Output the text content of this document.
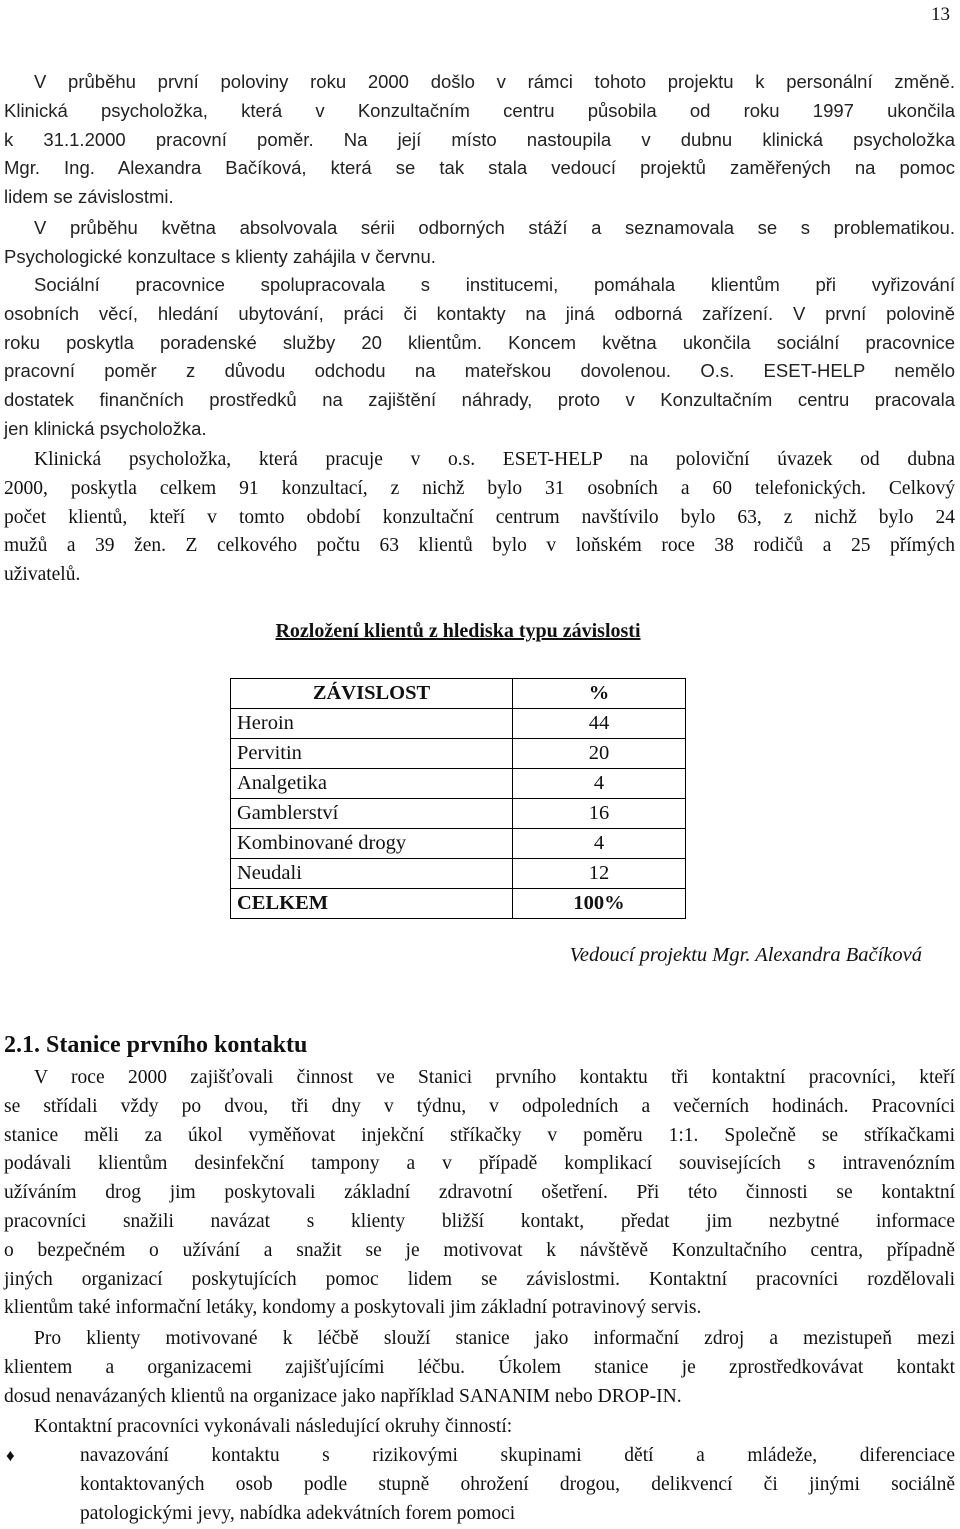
13
V průběhu první poloviny roku 2000 došlo v rámci tohoto projektu k personální změně.
Klinická psycholožka, která v Konzultačním centru působila od roku 1997 ukončila
k 31.1.2000 pracovní poměr. Na její místo nastoupila v dubnu klinická psycholožka
Mgr. Ing. Alexandra Bačíková, která se tak stala vedoucí projektů zaměřených na pomoc
lidem se závislostmi.
V průběhu května absolvovala sérii odborných stáží a seznamovala se s problematikou.
Psychologické konzultace s klienty zahájila v červnu.
Sociální pracovnice spolupracovala s institucemi, pomáhala klientům při vyřizování
osobních věcí, hledání ubytování, práci či kontakty na jiná odborná zařízení. V první polovině
roku poskytla poradenské služby 20 klientům. Koncem května ukončila sociální pracovnice
pracovní poměr z důvodu odchodu na mateřskou dovolenou. O.s. ESET-HELP nemělo
dostatek finančních prostředků na zajištění náhrady, proto v Konzultačním centru pracovala
jen klinická psycholožka.
Klinická psycholožka, která pracuje v o.s. ESET-HELP na poloviční úvazek od dubna
2000, poskytla celkem 91 konzultací, z nichž bylo 31 osobních a 60 telefonických. Celkový
počet klientů, kteří v tomto období konzultační centrum navštívilo bylo 63, z nichž bylo 24
mužů a 39 žen. Z celkového počtu 63 klientů bylo v loňském roce 38 rodičů a 25 přímých
uživatelů.
Rozložení klientů z hlediska typu závislosti
ZÁVISLOST	%
Heroin	44
Pervitin	20
Analgetika	4
Gamblerství	16
Kombinované drogy	4
Neudali	12
CELKEM	100%
Vedoucí projektu Mgr. Alexandra Bačíková
2.1. Stanice prvního kontaktu
V roce 2000 zajišťovali činnost ve Stanici prvního kontaktu tři kontaktní pracovníci, kteří
se střídali vždy po dvou, tři dny v týdnu, v odpoledních a večerních hodinách. Pracovníci
stanice měli za úkol vyměňovat injekční stříkačky v poměru 1:1. Společně se stříkačkami
podávali klientům desinfekční tampony a v případě komplikací souvisejících s intravenózním
užíváním drog jim poskytovali základní zdravotní ošetření. Při této činnosti se kontaktní
pracovníci snažili navázat s klienty bližší kontakt, předat jim nezbytné informace
o bezpečném o užívání a snažit se je motivovat k návštěvě Konzultačního centra, případně
jiných organizací poskytujících pomoc lidem se závislostmi. Kontaktní pracovníci rozdělovali
klientům také informační letáky, kondomy a poskytovali jim základní potravinový servis.
Pro klienty motivované k léčbě slouží stanice jako informační zdroj a mezistupeň mezi
klientem a organizacemi zajišťujícími léčbu. Úkolem stanice je zprostředkovávat kontakt
dosud nenavázaných klientů na organizace jako například SANANIM nebo DROP-IN.
Kontaktní pracovníci vykonávali následující okruhy činností:
♦	navazování kontaktu s rizikovými skupinami dětí a mládeže, diferenciace
kontaktovaných osob podle stupně ohrožení drogou, delikvencí či jinými sociálně
patologickými jevy, nabídka adekvátních forem pomoci
